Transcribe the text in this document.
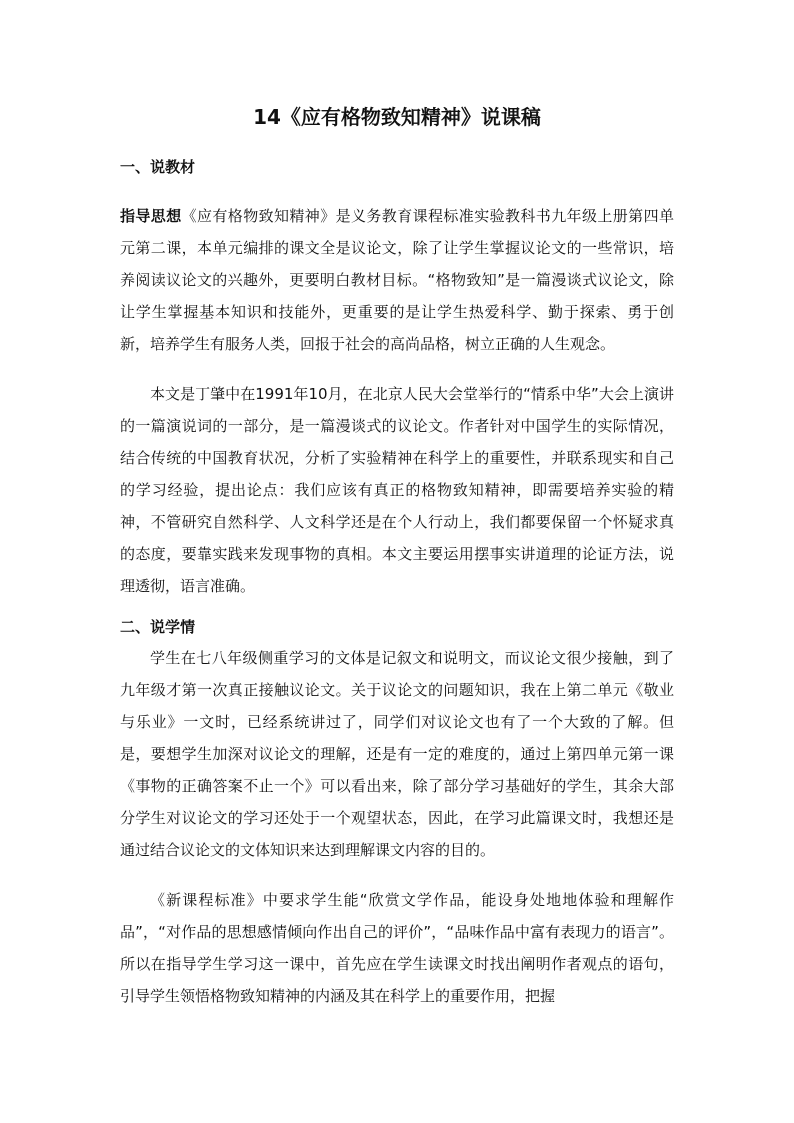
14《应有格物致知精神》说课稿
一、说教材

指导思想《应有格物致知精神》是义务教育课程标准实验教科书九年级上册第四单元第二课，本单元编排的课文全是议论文，除了让学生掌握议论文的一些常识，培养阅读议论文的兴趣外，更要明白教材目标。“格物致知”是一篇漫谈式议论文，除让学生掌握基本知识和技能外，更重要的是让学生热爱科学、勤于探索、勇于创新，培养学生有服务人类，回报于社会的高尚品格，树立正确的人生观念。

本文是丁肇中在1991年10月，在北京人民大会堂举行的“情系中华”大会上演讲的一篇演说词的一部分，是一篇漫谈式的议论文。作者针对中国学生的实际情况，结合传统的中国教育状况，分析了实验精神在科学上的重要性，并联系现实和自己的学习经验，提出论点：我们应该有真正的格物致知精神，即需要培养实验的精神，不管研究自然科学、人文科学还是在个人行动上，我们都要保留一个怀疑求真的态度，要靠实践来发现事物的真相。本文主要运用摆事实讲道理的论证方法，说理透彻，语言准确。

二、说学情

学生在七八年级侧重学习的文体是记叙文和说明文，而议论文很少接触，到了九年级才第一次真正接触议论文。关于议论文的问题知识，我在上第二单元《敬业与乐业》一文时，已经系统讲过了，同学们对议论文也有了一个大致的了解。但是，要想学生加深对议论文的理解，还是有一定的难度的，通过上第四单元第一课《事物的正确答案不止一个》可以看出来，除了部分学习基础好的学生，其余大部分学生对议论文的学习还处于一个观望状态，因此，在学习此篇课文时，我想还是通过结合议论文的文体知识来达到理解课文内容的目的。

《新课程标准》中要求学生能“欣赏文学作品，能设身处地地体验和理解作品”，“对作品的思想感情倾向作出自己的评价”，“品味作品中富有表现力的语言”。 所以在指导学生学习这一课中，首先应在学生读课文时找出阐明作者观点的语句，引导学生领悟格物致知精神的内涵及其在科学上的重要作用，把握
